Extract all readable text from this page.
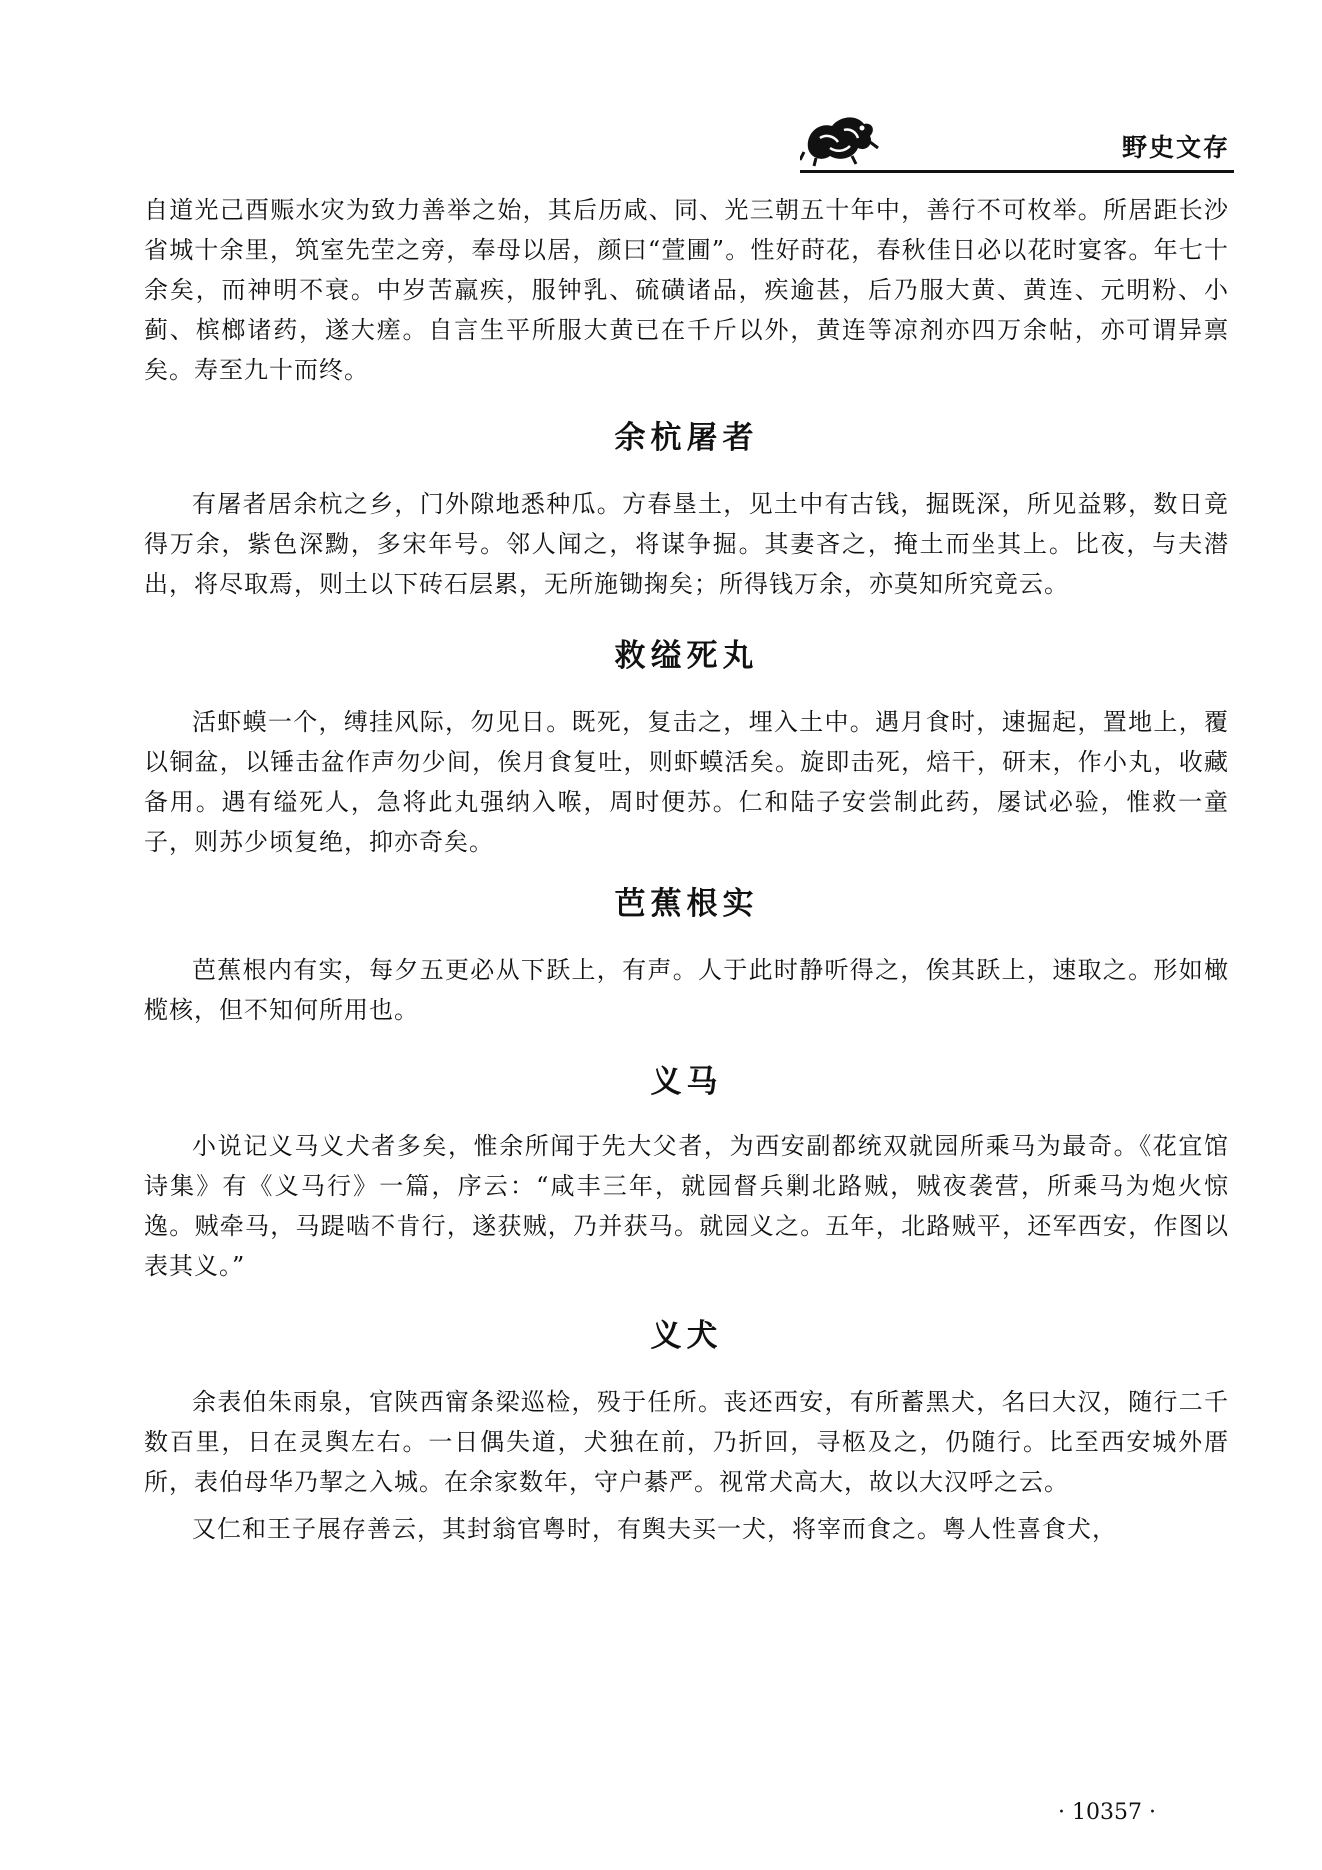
野史文存

自道光己酉赈水灾为致力善举之始，其后历咸、同、光三朝五十年中，善行不可枚举。所居距长沙省城十余里，筑室先茔之旁，奉母以居，颜曰“萱圃”。性好莳花，春秋佳日必以花时宴客。年七十余矣，而神明不衰。中岁苦羸疾，服钟乳、硫磺诸品，疾逾甚，后乃服大黄、黄连、元明粉、小蓟、槟榔诸药，遂大瘥。自言生平所服大黄已在千斤以外，黄连等凉剂亦四万余帖，亦可谓异禀矣。寿至九十而终。

余杭屠者

有屠者居余杭之乡，门外隙地悉种瓜。方春垦土，见土中有古钱，掘既深，所见益夥，数日竟得万余，紫色深黝，多宋年号。邻人闻之，将谋争掘。其妻吝之，掩土而坐其上。比夜，与夫潜出，将尽取焉，则土以下砖石层累，无所施锄掬矣；所得钱万余，亦莫知所究竟云。

救缢死丸

活虾蟆一个，缚挂风际，勿见日。既死，复击之，埋入土中。遇月食时，速掘起，置地上，覆以铜盆，以锤击盆作声勿少间，俟月食复吐，则虾蟆活矣。旋即击死，焙干，研末，作小丸，收藏备用。遇有缢死人，急将此丸强纳入喉，周时便苏。仁和陆子安尝制此药，屡试必验，惟救一童子，则苏少顷复绝，抑亦奇矣。

芭蕉根实

芭蕉根内有实，每夕五更必从下跃上，有声。人于此时静听得之，俟其跃上，速取之。形如橄榄核，但不知何所用也。

义马

小说记义马义犬者多矣，惟余所闻于先大父者，为西安副都统双就园所乘马为最奇。《花宜馆诗集》有《义马行》一篇，序云：“咸丰三年，就园督兵剿北路贼，贼夜袭营，所乘马为炮火惊逸。贼牵马，马踶啮不肯行，遂获贼，乃并获马。就园义之。五年，北路贼平，还军西安，作图以表其义。”

义犬

余表伯朱雨泉，官陕西甯条梁巡检，殁于任所。丧还西安，有所蓄黑犬，名曰大汉，随行二千数百里，日在灵舆左右。一日偶失道，犬独在前，乃折回，寻柩及之，仍随行。比至西安城外厝所，表伯母华乃挈之入城。在余家数年，守户綦严。视常犬高大，故以大汉呼之云。

又仁和王子展存善云，其封翁官粤时，有舆夫买一犬，将宰而食之。粤人性喜食犬，

· 10357 ·
